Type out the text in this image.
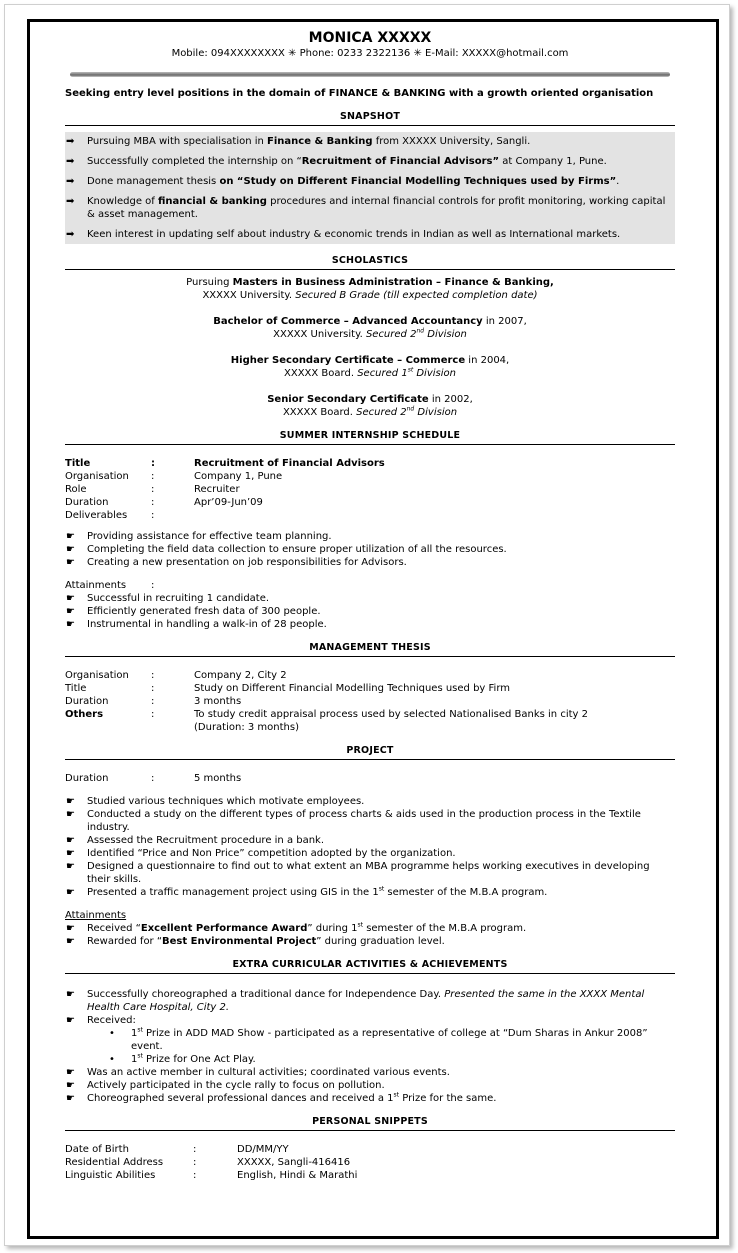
MONICA XXXXX
Mobile: 094XXXXXXXX ✳ Phone: 0233 2322136 ✳ E-Mail: XXXXX@hotmail.com
Seeking entry level positions in the domain of FINANCE & BANKING with a growth oriented organisation
SNAPSHOT
➡ Pursuing MBA with specialisation in Finance & Banking from XXXXX University, Sangli.
➡ Successfully completed the internship on “Recruitment of Financial Advisors” at Company 1, Pune.
➡ Done management thesis on “Study on Different Financial Modelling Techniques used by Firms”.
➡ Knowledge of financial & banking procedures and internal financial controls for profit monitoring, working capital & asset management.
➡ Keen interest in updating self about industry & economic trends in Indian as well as International markets.
SCHOLASTICS

Pursuing Masters in Business Administration – Finance & Banking,

XXXXX University. Secured B Grade (till expected completion date)

Bachelor of Commerce – Advanced Accountancy in 2007,

XXXXX University. Secured 2nd Division

Higher Secondary Certificate – Commerce in 2004,

XXXXX Board. Secured 1st Division

Senior Secondary Certificate in 2002,

XXXXX Board. Secured 2nd Division

SUMMER INTERNSHIP SCHEDULE
Title	:	Recruitment of Financial Advisors
Organisation	:	Company 1, Pune
Role	:	Recruiter
Duration	:	Apr’09-Jun’09
Deliverables	:
☛ Providing assistance for effective team planning.
☛ Completing the field data collection to ensure proper utilization of all the resources.
☛ Creating a new presentation on job responsibilities for Advisors.
Attainments	:
☛ Successful in recruiting 1 candidate.
☛ Efficiently generated fresh data of 300 people.
☛ Instrumental in handling a walk-in of 28 people.
MANAGEMENT THESIS
Organisation	:	Company 2, City 2
Title	:	Study on Different Financial Modelling Techniques used by Firm
Duration	:	3 months
Others	:	To study credit appraisal process used by selected Nationalised Banks in city 2
(Duration: 3 months)
PROJECT
Duration	:	5 months
☛ Studied various techniques which motivate employees.
☛ Conducted a study on the different types of process charts & aids used in the production process in the Textile industry.
☛ Assessed the Recruitment procedure in a bank.
☛ Identified “Price and Non Price” competition adopted by the organization.
☛ Designed a questionnaire to find out to what extent an MBA programme helps working executives in developing their skills.
☛ Presented a traffic management project using GIS in the 1st semester of the M.B.A program.
Attainments
☛ Received “Excellent Performance Award” during 1st semester of the M.B.A program.
☛ Rewarded for “Best Environmental Project” during graduation level.
EXTRA CURRICULAR ACTIVITIES & ACHIEVEMENTS
☛ Successfully choreographed a traditional dance for Independence Day. Presented the same in the XXXX Mental Health Care Hospital, City 2.
☛ Received:
• 1st Prize in ADD MAD Show - participated as a representative of college at “Dum Sharas in Ankur 2008” event.
• 1st Prize for One Act Play.
☛ Was an active member in cultural activities; coordinated various events.
☛ Actively participated in the cycle rally to focus on pollution.
☛ Choreographed several professional dances and received a 1st Prize for the same.
PERSONAL SNIPPETS
Date of Birth	:	DD/MM/YY
Residential Address	:	XXXXX, Sangli-416416
Linguistic Abilities	:	English, Hindi & Marathi
